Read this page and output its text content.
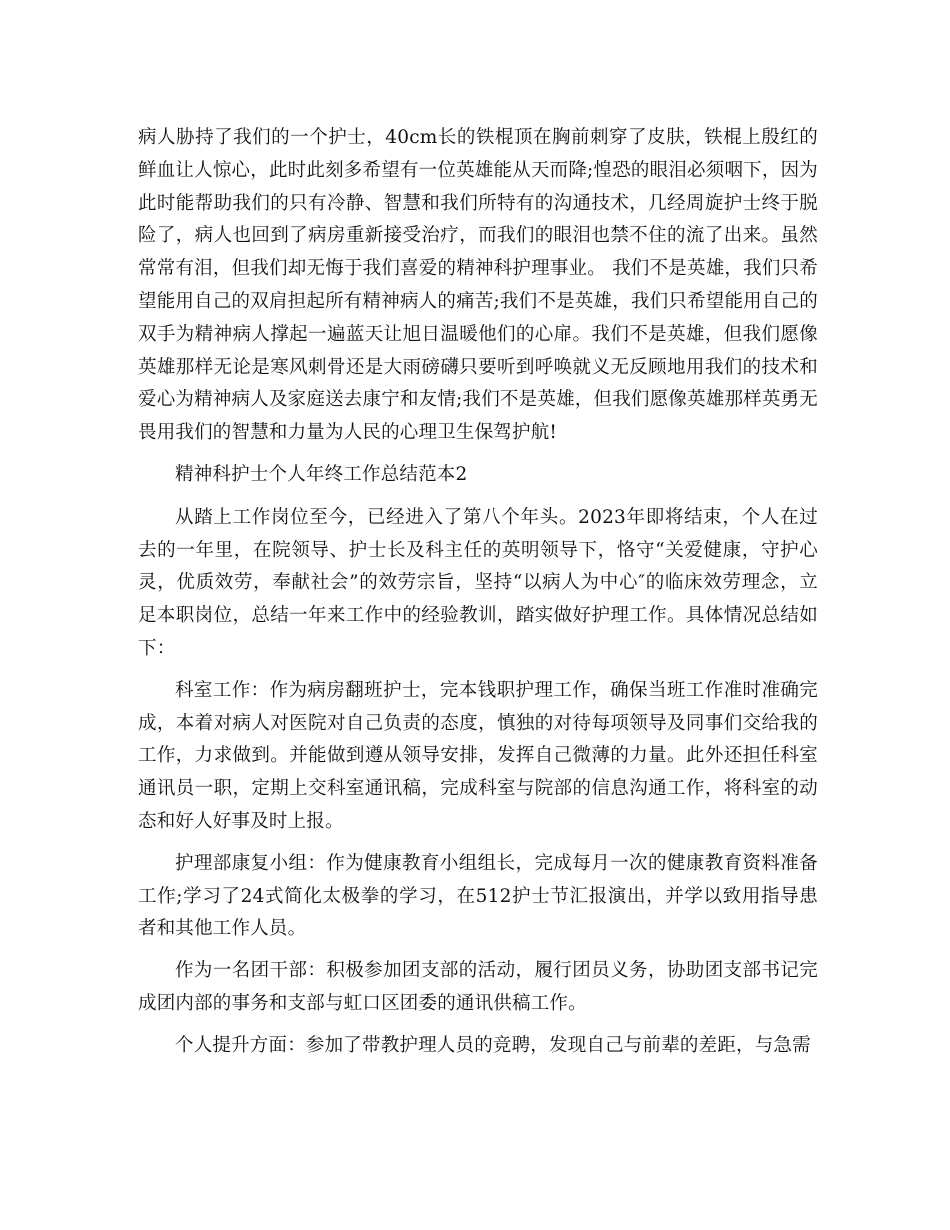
病人胁持了我们的一个护士，40cm长的铁棍顶在胸前刺穿了皮肤，铁棍上殷红的鲜血让人惊心，此时此刻多希望有一位英雄能从天而降;惶恐的眼泪必须咽下，因为此时能帮助我们的只有冷静、智慧和我们所特有的沟通技术，几经周旋护士终于脱险了，病人也回到了病房重新接受治疗，而我们的眼泪也禁不住的流了出来。虽然常常有泪，但我们却无悔于我们喜爱的精神科护理事业。 我们不是英雄，我们只希望能用自己的双肩担起所有精神病人的痛苦;我们不是英雄，我们只希望能用自己的双手为精神病人撑起一遍蓝天让旭日温暖他们的心扉。我们不是英雄，但我们愿像英雄那样无论是寒风刺骨还是大雨磅礴只要听到呼唤就义无反顾地用我们的技术和爱心为精神病人及家庭送去康宁和友情;我们不是英雄，但我们愿像英雄那样英勇无畏用我们的智慧和力量为人民的心理卫生保驾护航!

精神科护士个人年终工作总结范本2

从踏上工作岗位至今，已经进入了第八个年头。2023年即将结束，个人在过去的一年里，在院领导、护士长及科主任的英明领导下，恪守“关爱健康，守护心灵，优质效劳，奉献社会”的效劳宗旨，坚持“以病人为中心″的临床效劳理念，立足本职岗位，总结一年来工作中的经验教训，踏实做好护理工作。具体情况总结如下：

科室工作：作为病房翻班护士，完本钱职护理工作，确保当班工作准时准确完成，本着对病人对医院对自己负责的态度，慎独的对待每项领导及同事们交给我的工作，力求做到。并能做到遵从领导安排，发挥自己微薄的力量。此外还担任科室通讯员一职，定期上交科室通讯稿，完成科室与院部的信息沟通工作，将科室的动态和好人好事及时上报。

护理部康复小组：作为健康教育小组组长，完成每月一次的健康教育资料准备工作;学习了24式简化太极拳的学习，在512护士节汇报演出，并学以致用指导患者和其他工作人员。

作为一名团干部：积极参加团支部的活动，履行团员义务，协助团支部书记完成团内部的事务和支部与虹口区团委的通讯供稿工作。

个人提升方面：参加了带教护理人员的竞聘，发现自己与前辈的差距，与急需
